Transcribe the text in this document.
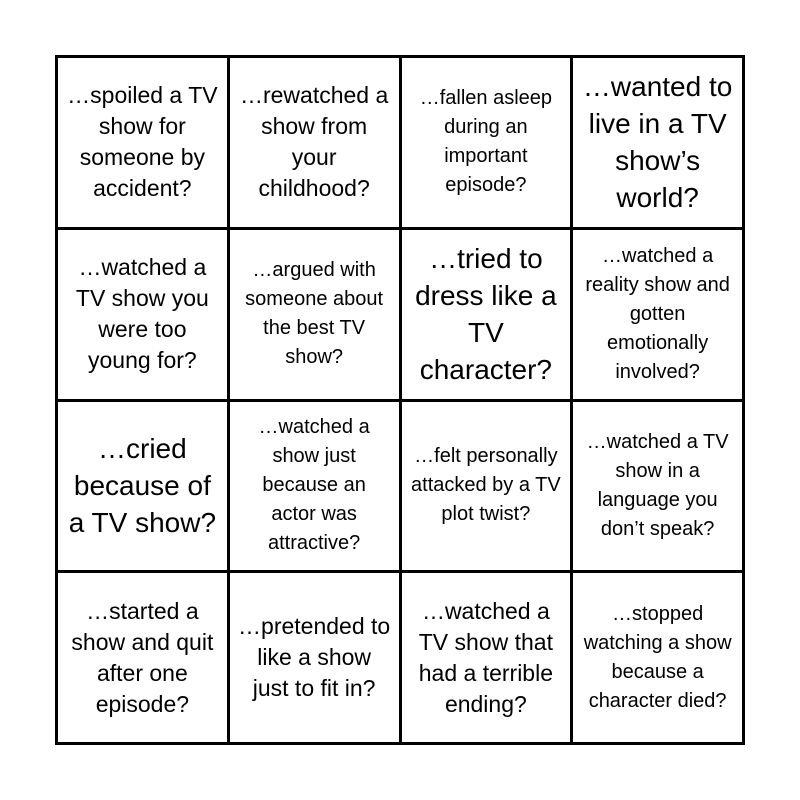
…spoiled a TV show for someone by accident?
…rewatched a show from your childhood?
…fallen asleep during an important episode?
…wanted to live in a TV show’s world?
…watched a TV show you were too young for?
…argued with someone about the best TV show?
…tried to dress like a TV character?
…watched a reality show and gotten emotionally involved?
…cried because of a TV show?
…watched a show just because an actor was attractive?
…felt personally attacked by a TV plot twist?
…watched a TV show in a language you don’t speak?
…started a show and quit after one episode?
…pretended to like a show just to fit in?
…watched a TV show that had a terrible ending?
…stopped watching a show because a character died?
